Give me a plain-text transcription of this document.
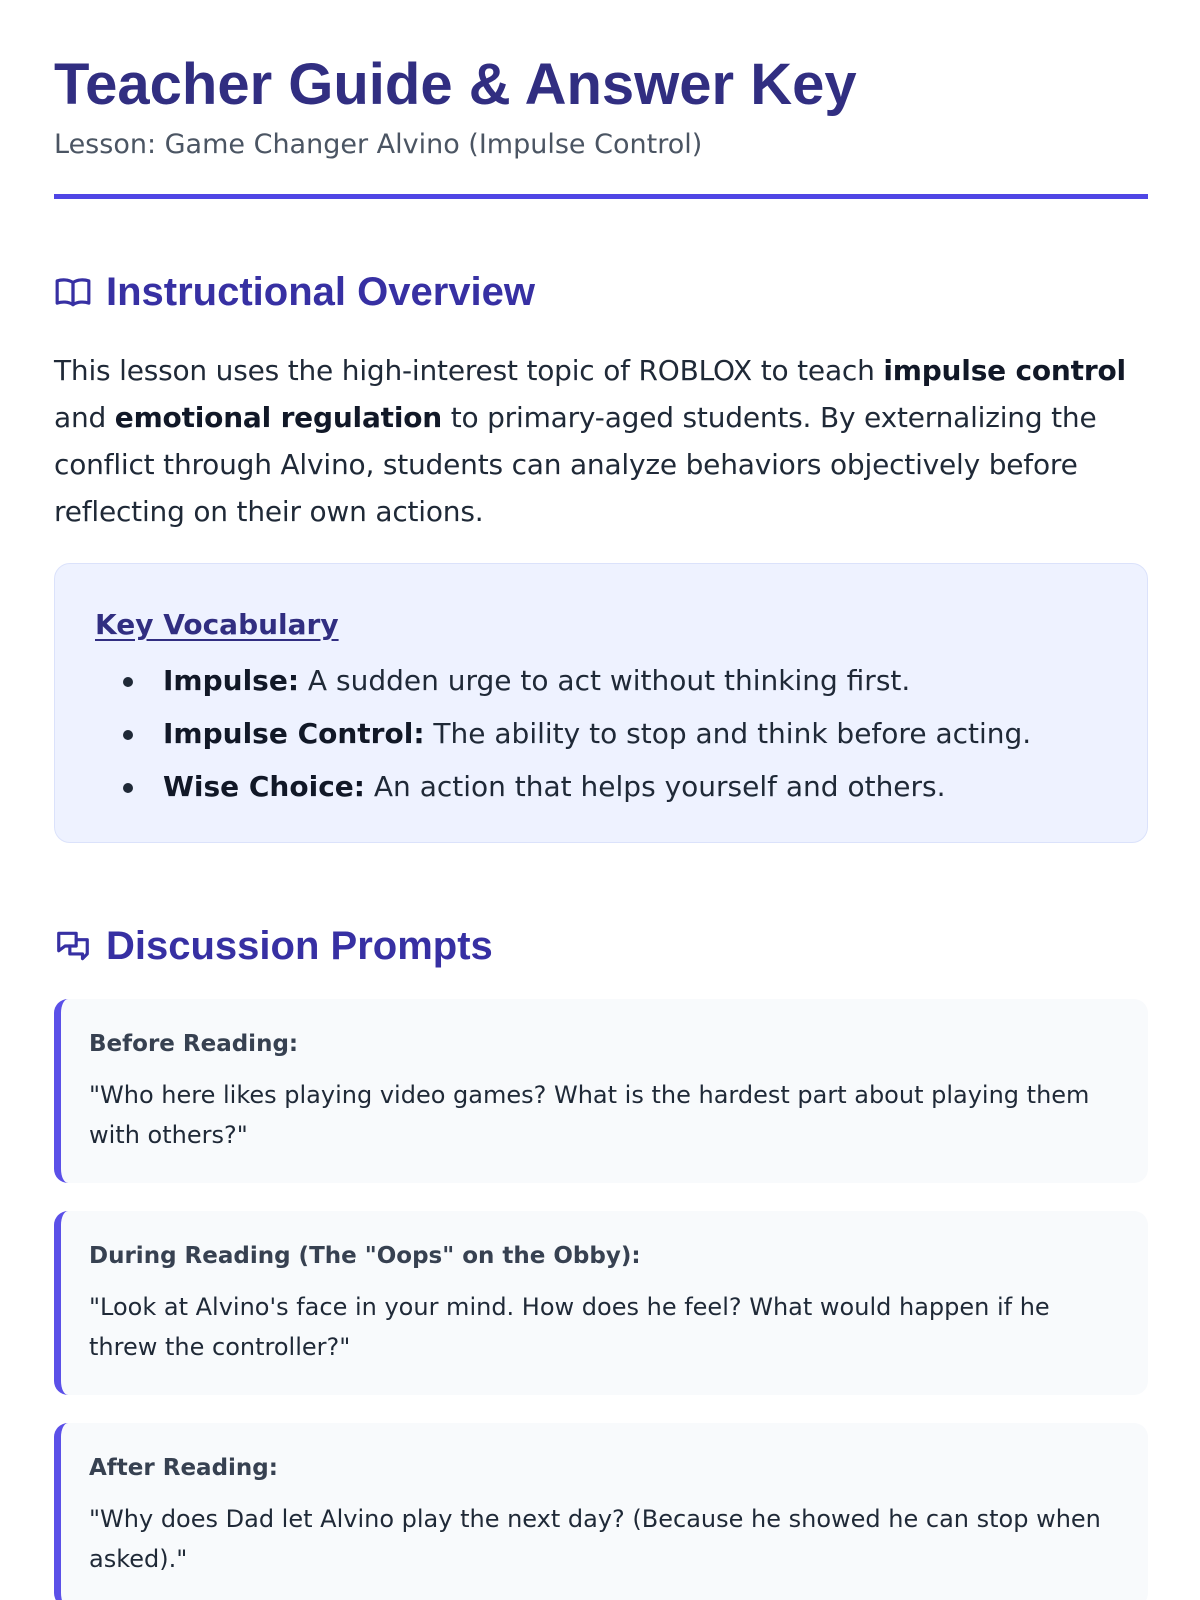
Teacher Guide & Answer Key

Lesson: Game Changer Alvino (Impulse Control)

Instructional Overview

This lesson uses the high-interest topic of ROBLOX to teach impulse control and emotional regulation to primary-aged students. By externalizing the conflict through Alvino, students can analyze behaviors objectively before reflecting on their own actions.

Key Vocabulary
Impulse: A sudden urge to act without thinking first.
Impulse Control: The ability to stop and think before acting.
Wise Choice: An action that helps yourself and others.
Discussion Prompts

Before Reading:

"Who here likes playing video games? What is the hardest part about playing them with others?"

During Reading (The "Oops" on the Obby):

"Look at Alvino's face in your mind. How does he feel? What would happen if he threw the controller?"

After Reading:

"Why does Dad let Alvino play the next day? (Because he showed he can stop when asked)."
